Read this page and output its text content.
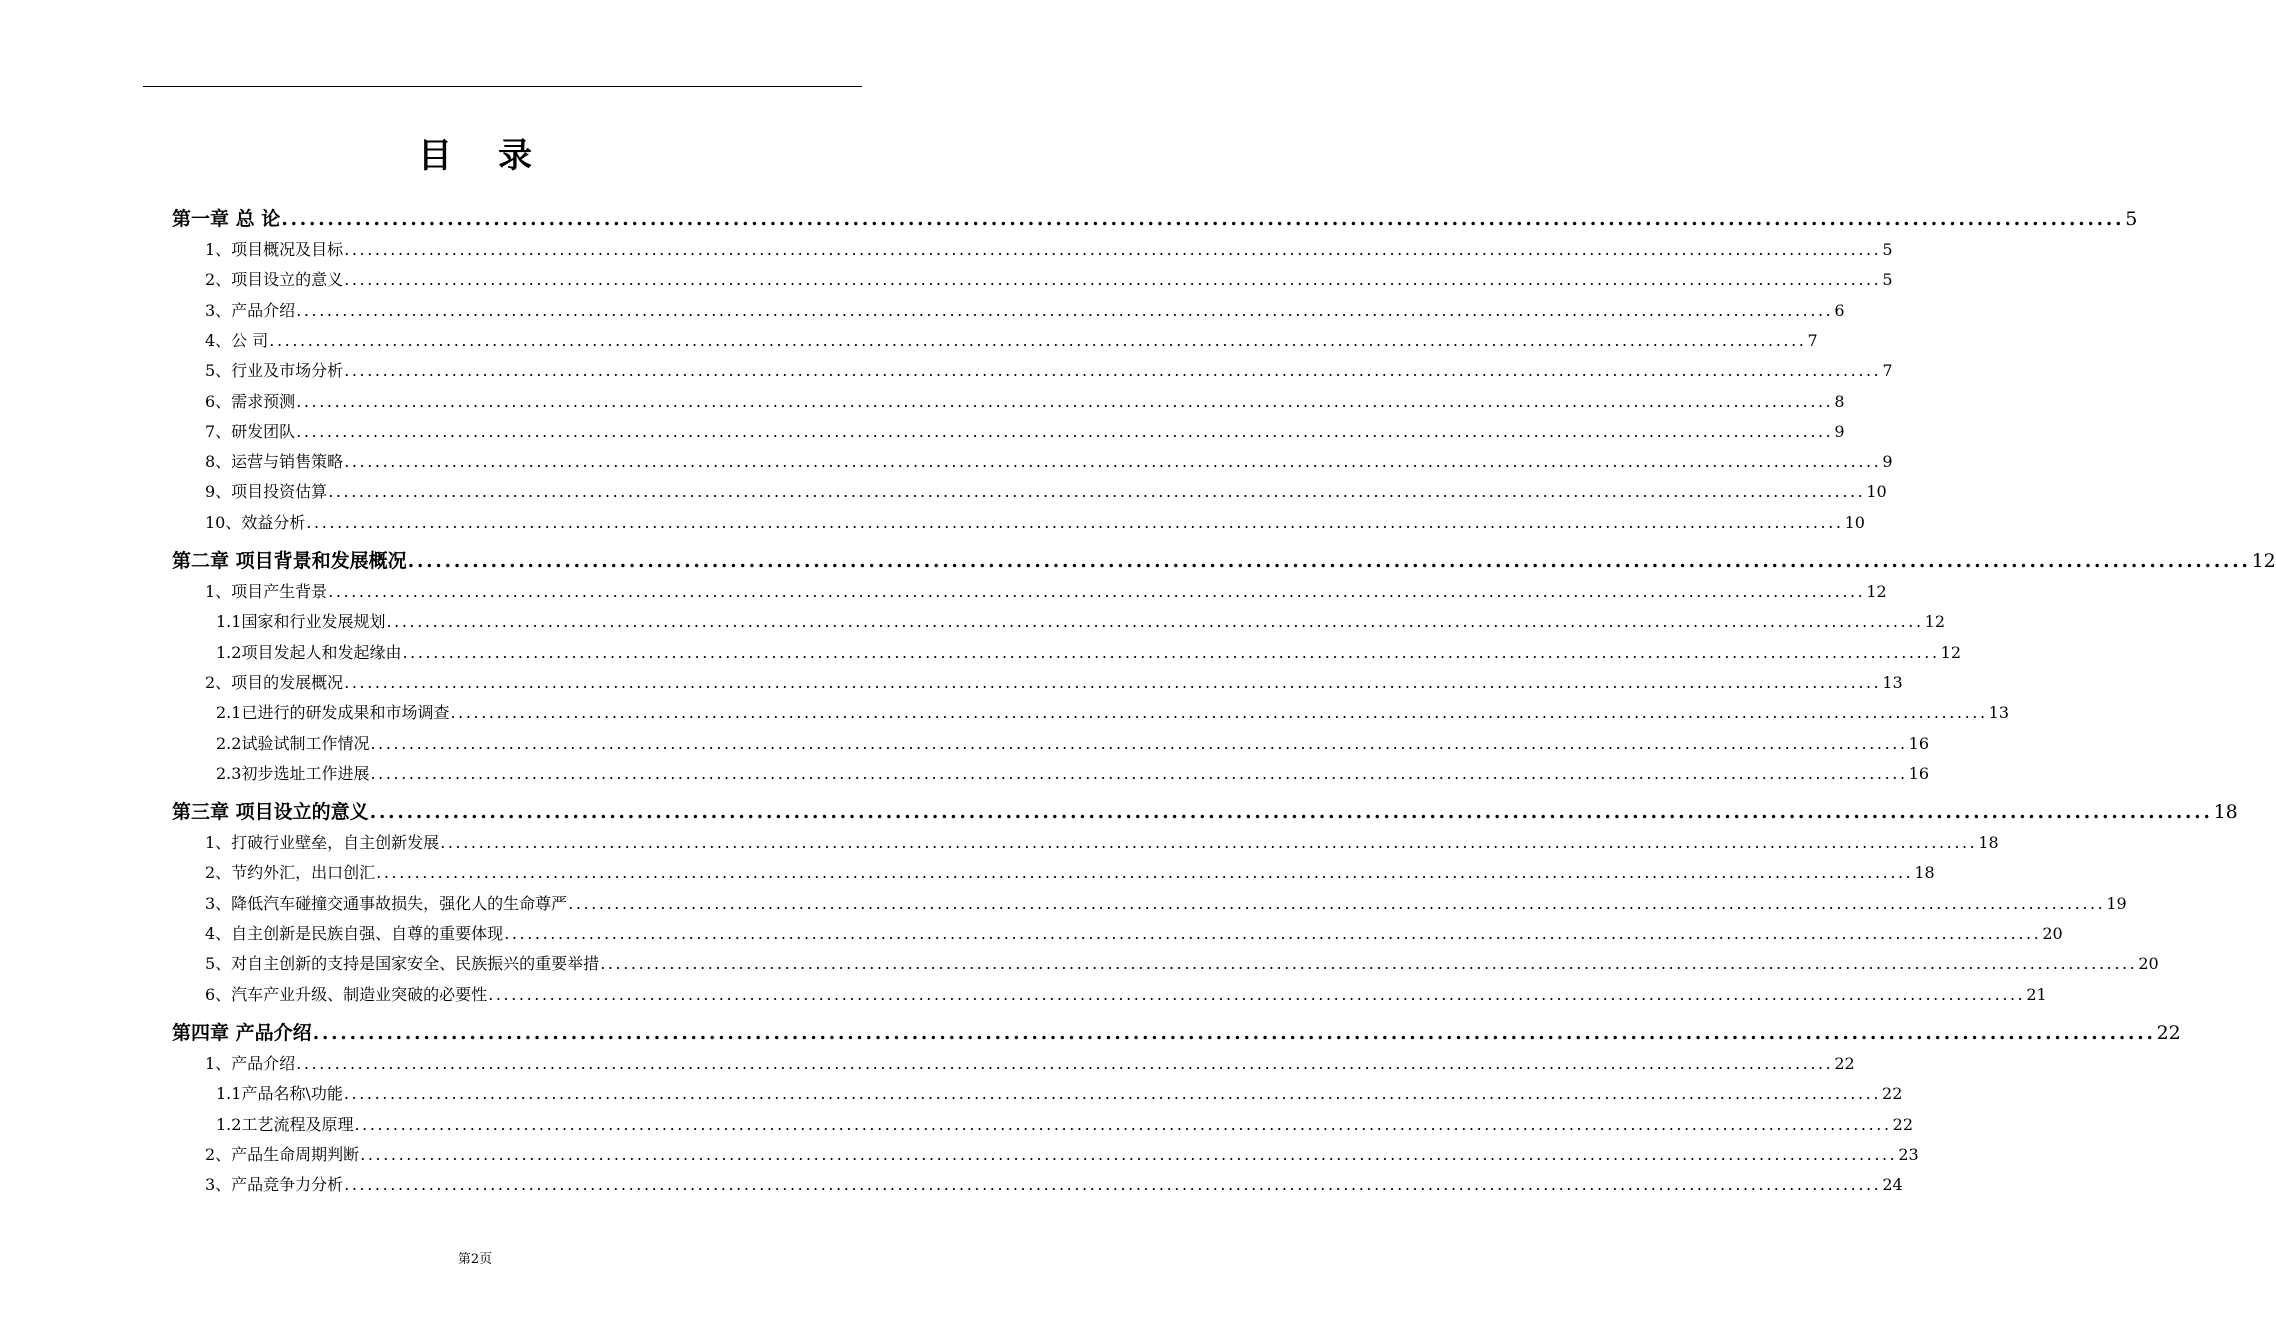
目 录
第一章 总 论 ........................................................................................................................................................................................................ 5
1、项目概况及目标 ........................................................................................................................................................................................................ 5
2、项目设立的意义 ........................................................................................................................................................................................................ 5
3、产品介绍 ........................................................................................................................................................................................................ 6
4、公 司 ........................................................................................................................................................................................................ 7
5、行业及市场分析 ........................................................................................................................................................................................................ 7
6、需求预测 ........................................................................................................................................................................................................ 8
7、研发团队 ........................................................................................................................................................................................................ 9
8、运营与销售策略 ........................................................................................................................................................................................................ 9
9、项目投资估算 ........................................................................................................................................................................................................ 10
10、效益分析 ........................................................................................................................................................................................................ 10
第二章 项目背景和发展概况 ........................................................................................................................................................................................................ 12
1、项目产生背景 ........................................................................................................................................................................................................ 12
1.1国家和行业发展规划 ........................................................................................................................................................................................................ 12
1.2项目发起人和发起缘由 ........................................................................................................................................................................................................ 12
2、项目的发展概况 ........................................................................................................................................................................................................ 13
2.1已进行的研发成果和市场调查 ........................................................................................................................................................................................................ 13
2.2试验试制工作情况 ........................................................................................................................................................................................................ 16
2.3初步选址工作进展 ........................................................................................................................................................................................................ 16
第三章 项目设立的意义 ........................................................................................................................................................................................................ 18
1、打破行业壁垒，自主创新发展 ........................................................................................................................................................................................................ 18
2、节约外汇，出口创汇 ........................................................................................................................................................................................................ 18
3、降低汽车碰撞交通事故损失，强化人的生命尊严 ........................................................................................................................................................................................................ 19
4、自主创新是民族自强、自尊的重要体现 ........................................................................................................................................................................................................ 20
5、对自主创新的支持是国家安全、民族振兴的重要举措 ........................................................................................................................................................................................................ 20
6、汽车产业升级、制造业突破的必要性 ........................................................................................................................................................................................................ 21
第四章 产品介绍 ........................................................................................................................................................................................................ 22
1、产品介绍 ........................................................................................................................................................................................................ 22
1.1产品名称\功能 ........................................................................................................................................................................................................ 22
1.2工艺流程及原理 ........................................................................................................................................................................................................ 22
2、产品生命周期判断 ........................................................................................................................................................................................................ 23
3、产品竞争力分析 ........................................................................................................................................................................................................ 24
第2页
